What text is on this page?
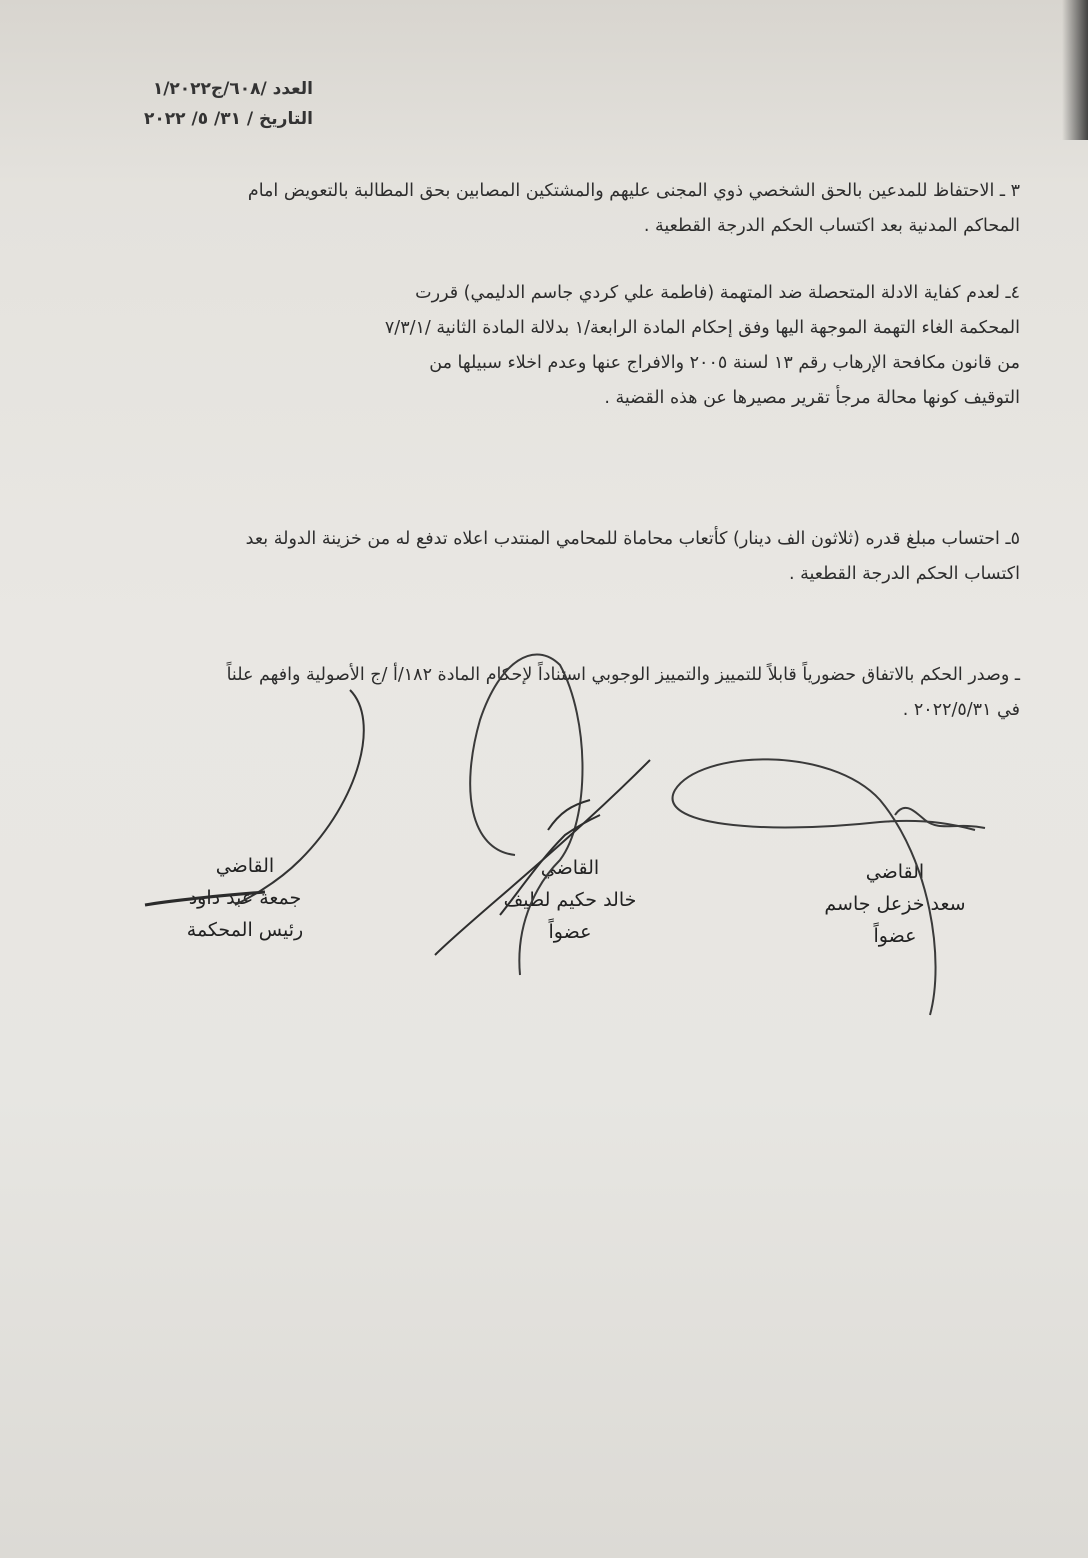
العدد /٦٠٨/ج١/٢٠٢٢
التاريخ / ٣١/ ٥/ ٢٠٢٢
٣ ـ الاحتفاظ للمدعين بالحق الشخصي ذوي المجنى عليهم والمشتكين المصابين بحق المطالبة بالتعويض امام
المحاكم المدنية بعد اكتساب الحكم الدرجة القطعية .
٤ـ لعدم كفاية الادلة المتحصلة ضد المتهمة (فاطمة علي كردي جاسم الدليمي) قررت
المحكمة الغاء التهمة الموجهة اليها وفق إحكام المادة الرابعة/١ بدلالة المادة الثانية /٧/٣/١
من قانون مكافحة الإرهاب رقم ١٣ لسنة ٢٠٠٥ والافراج عنها وعدم اخلاء سبيلها من
التوقيف كونها محالة مرجأ تقرير مصيرها عن هذه القضية .
٥ـ احتساب مبلغ قدره (ثلاثون الف دينار) كأتعاب محاماة للمحامي المنتدب اعلاه تدفع له من خزينة الدولة بعد
اكتساب الحكم الدرجة القطعية .
ـ وصدر الحكم بالاتفاق حضورياً قابلاً للتمييز والتمييز الوجوبي استناداً لإحكام المادة ١٨٢/أ /ج الأصولية وافهم علناً
في ٢٠٢٢/٥/٣١ .
القاضي
سعد خزعل جاسم
عضواً
القاضي
خالد حكيم لطيف
عضواً
القاضي
جمعة عبد داود
رئيس المحكمة
